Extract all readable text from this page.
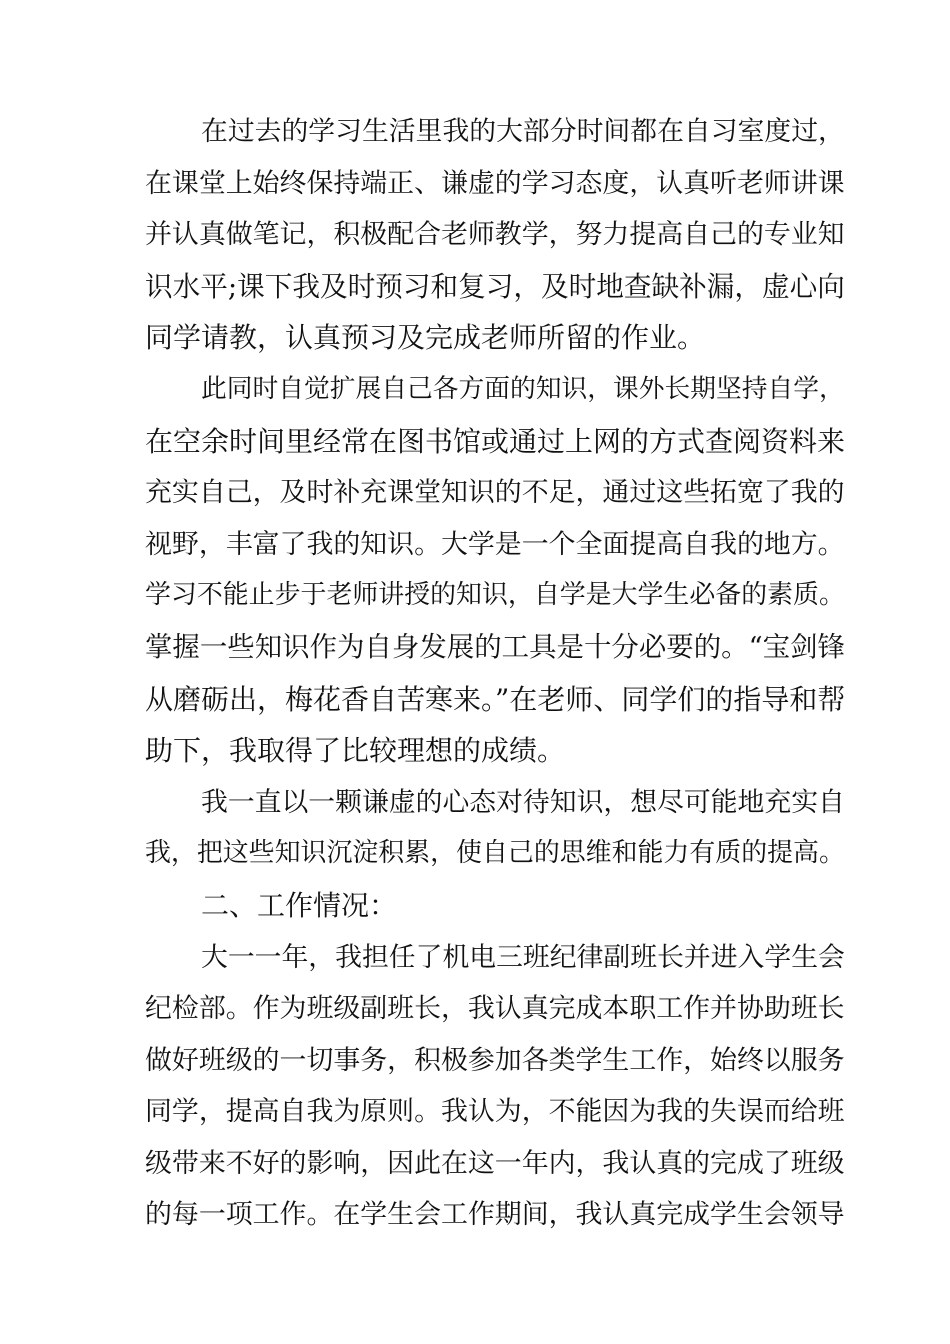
在过去的学习生活里我的大部分时间都在自习室度过，
在课堂上始终保持端正、谦虚的学习态度，认真听老师讲课
并认真做笔记，积极配合老师教学，努力提高自己的专业知
识水平;课下我及时预习和复习，及时地查缺补漏，虚心向
同学请教，认真预习及完成老师所留的作业。
此同时自觉扩展自己各方面的知识，课外长期坚持自学，
在空余时间里经常在图书馆或通过上网的方式查阅资料来
充实自己，及时补充课堂知识的不足，通过这些拓宽了我的
视野，丰富了我的知识。大学是一个全面提高自我的地方。
学习不能止步于老师讲授的知识，自学是大学生必备的素质。
掌握一些知识作为自身发展的工具是十分必要的。“宝剑锋
从磨砺出，梅花香自苦寒来。”在老师、同学们的指导和帮
助下，我取得了比较理想的成绩。
我一直以一颗谦虚的心态对待知识，想尽可能地充实自
我，把这些知识沉淀积累，使自己的思维和能力有质的提高。
二、工作情况：
大一一年，我担任了机电三班纪律副班长并进入学生会
纪检部。作为班级副班长，我认真完成本职工作并协助班长
做好班级的一切事务，积极参加各类学生工作，始终以服务
同学，提高自我为原则。我认为，不能因为我的失误而给班
级带来不好的影响，因此在这一年内，我认真的完成了班级
的每一项工作。在学生会工作期间，我认真完成学生会领导
